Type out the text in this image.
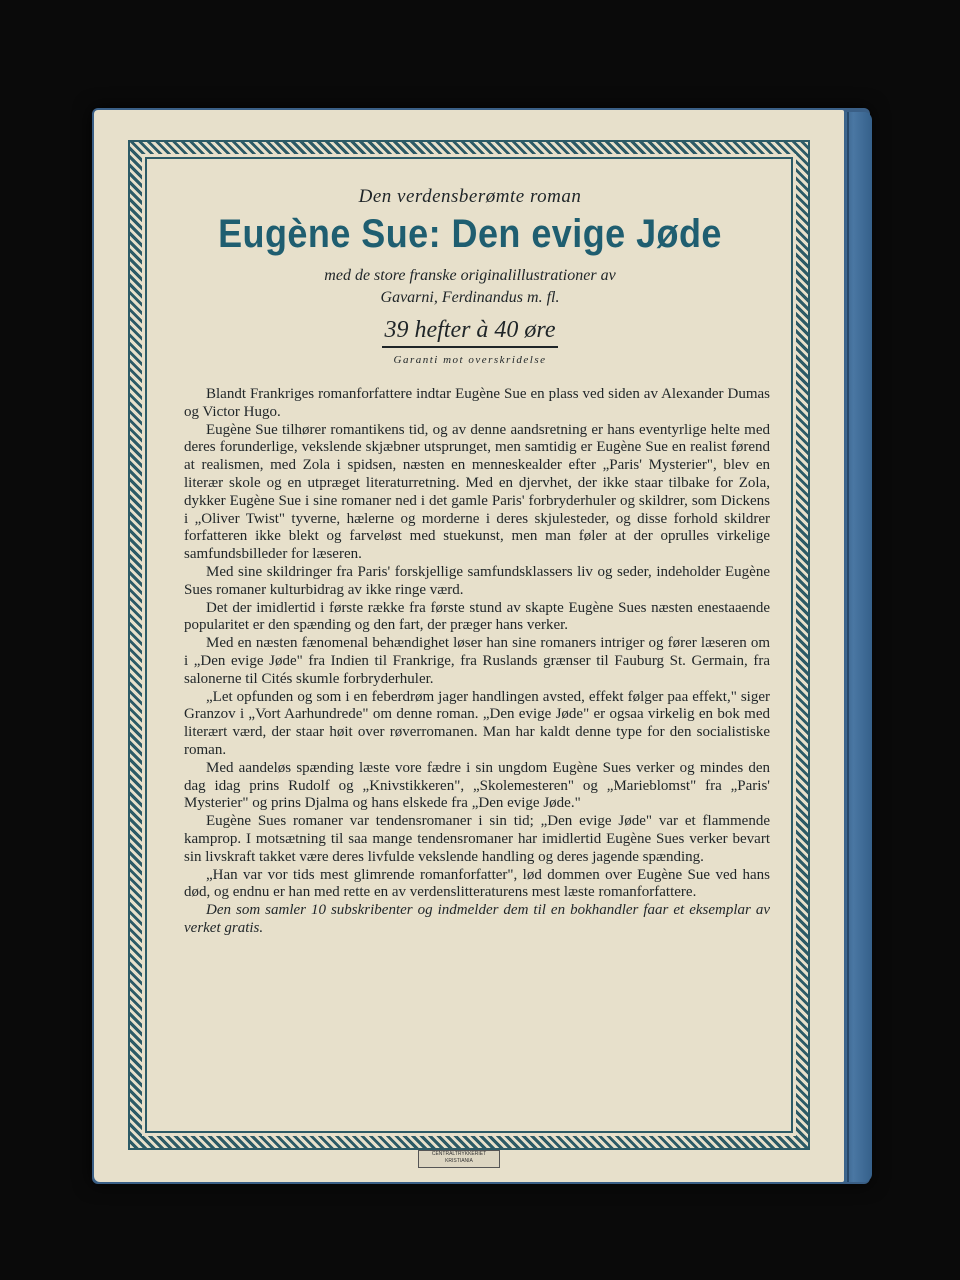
Den verdensberømte roman
Eugène Sue: Den evige Jøde
med de store franske originalillustrationer av
Gavarni, Ferdinandus m. fl.
39 hefter à 40 øre
Garanti mot overskridelse

Blandt Frankriges romanforfattere indtar Eugène Sue en plass ved siden av Alexander Dumas og Victor Hugo.

Eugène Sue tilhører romantikens tid, og av denne aandsretning er hans eventyrlige helte med deres forunderlige, vekslende skjæbner utsprunget, men samtidig er Eugène Sue en realist førend at realismen, med Zola i spidsen, næsten en menneskealder efter „Paris' Mysterier", blev en literær skole og en utpræget literaturretning. Med en djervhet, der ikke staar tilbake for Zola, dykker Eugène Sue i sine romaner ned i det gamle Paris' forbryderhuler og skildrer, som Dickens i „Oliver Twist" tyverne, hælerne og morderne i deres skjulesteder, og disse forhold skildrer forfatteren ikke blekt og farveløst med stuekunst, men man føler at der oprulles virkelige samfundsbilleder for læseren.

Med sine skildringer fra Paris' forskjellige samfundsklassers liv og seder, indeholder Eugène Sues romaner kulturbidrag av ikke ringe værd.

Det der imidlertid i første række fra første stund av skapte Eugène Sues næsten enestaaende popularitet er den spænding og den fart, der præger hans verker.

Med en næsten fænomenal behændighet løser han sine romaners intriger og fører læseren om i „Den evige Jøde" fra Indien til Frankrige, fra Ruslands grænser til Fauburg St. Germain, fra salonerne til Cités skumle forbryderhuler.

„Let opfunden og som i en feberdrøm jager handlingen avsted, effekt følger paa effekt," siger Granzov i „Vort Aarhundrede" om denne roman. „Den evige Jøde" er ogsaa virkelig en bok med literært værd, der staar høit over røverromanen. Man har kaldt denne type for den socialistiske roman.

Med aandeløs spænding læste vore fædre i sin ungdom Eugène Sues verker og mindes den dag idag prins Rudolf og „Knivstikkeren", „Skolemesteren" og „Marieblomst" fra „Paris' Mysterier" og prins Djalma og hans elskede fra „Den evige Jøde."

Eugène Sues romaner var tendensromaner i sin tid; „Den evige Jøde" var et flammende kamprop. I motsætning til saa mange tendensromaner har imidlertid Eugène Sues verker bevart sin livskraft takket være deres livfulde vekslende handling og deres jagende spænding.

„Han var vor tids mest glimrende romanforfatter", lød dommen over Eugène Sue ved hans død, og endnu er han med rette en av verdenslitteraturens mest læste romanforfattere.

Den som samler 10 subskribenter og indmelder dem til en bokhandler faar et eksemplar av verket gratis.

CENTRALTRYKKERIET KRISTIANIA
